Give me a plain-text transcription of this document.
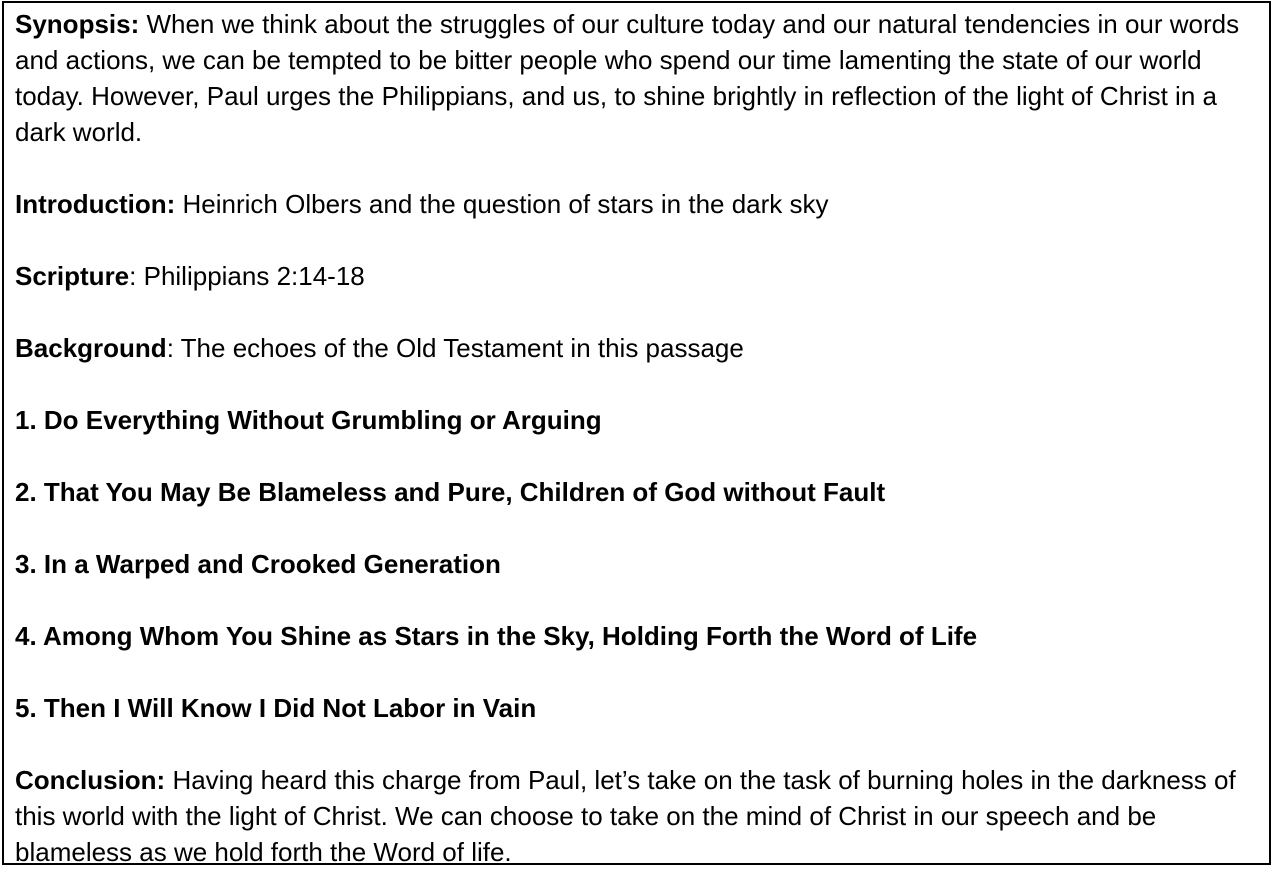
Synopsis: When we think about the struggles of our culture today and our natural tendencies in our words and actions, we can be tempted to be bitter people who spend our time lamenting the state of our world today. However, Paul urges the Philippians, and us, to shine brightly in reflection of the light of Christ in a dark world.

Introduction: Heinrich Olbers and the question of stars in the dark sky

Scripture: Philippians 2:14-18

Background: The echoes of the Old Testament in this passage

1. Do Everything Without Grumbling or Arguing

2. That You May Be Blameless and Pure, Children of God without Fault

3. In a Warped and Crooked Generation

4. Among Whom You Shine as Stars in the Sky, Holding Forth the Word of Life

5. Then I Will Know I Did Not Labor in Vain

Conclusion: Having heard this charge from Paul, let’s take on the task of burning holes in the darkness of this world with the light of Christ. We can choose to take on the mind of Christ in our speech and be blameless as we hold forth the Word of life.
